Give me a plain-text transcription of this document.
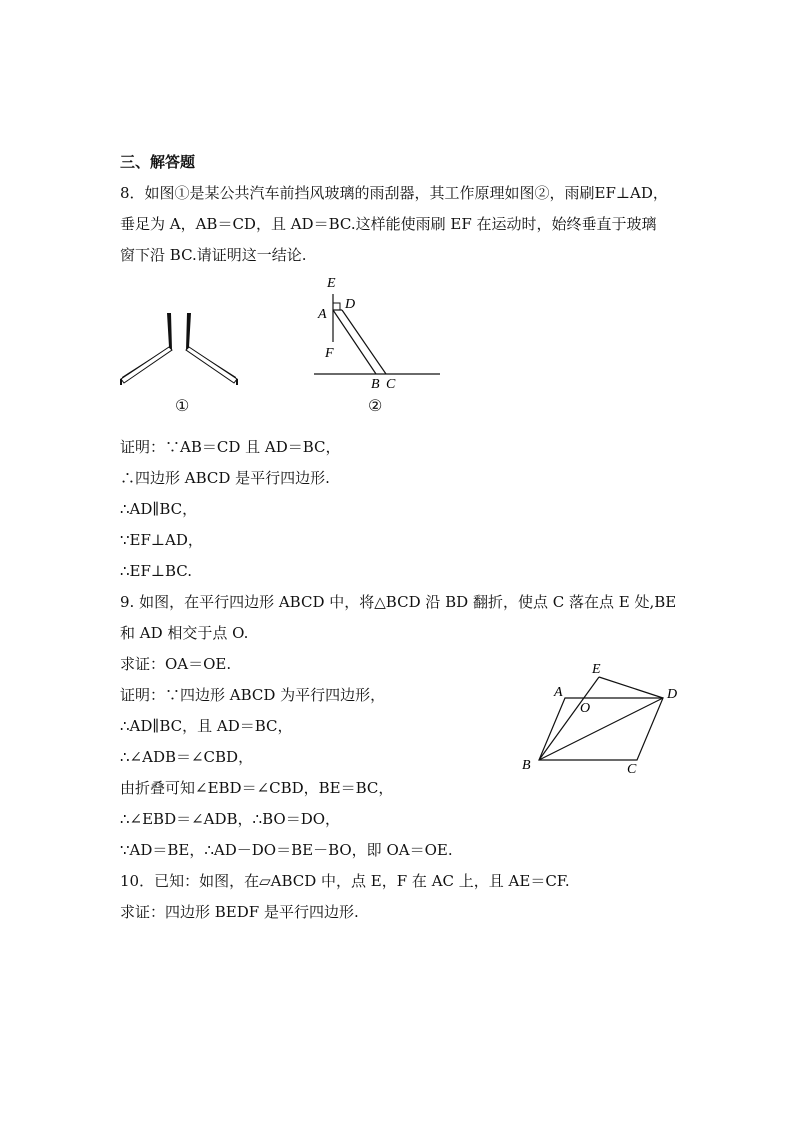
三、解答题
8．如图①是某公共汽车前挡风玻璃的雨刮器，其工作原理如图②，雨刷EF⊥AD，
垂足为 A，AB＝CD，且 AD＝BC.这样能使雨刷 EF 在运动时，始终垂直于玻璃
窗下沿 BC.请证明这一结论.
①
E
D
A
F
B C
②
证明：∵AB＝CD 且 AD＝BC，
∴四边形 ABCD 是平行四边形.
∴AD∥BC，
∵EF⊥AD，
∴EF⊥BC.
9. 如图，在平行四边形 ABCD 中，将△BCD 沿 BD 翻折，使点 C 落在点 E 处,BE
和 AD 相交于点 O.
求证：OA＝OE.	E
A	D
O
B	C
证明：∵四边形 ABCD 为平行四边形，
∴AD∥BC，且 AD＝BC，
∴∠ADB＝∠CBD，
由折叠可知∠EBD＝∠CBD，BE＝BC，
∴∠EBD＝∠ADB，∴BO＝DO，
∵AD＝BE，∴AD－DO＝BE－BO，即 OA＝OE.
10．已知：如图，在▱ABCD 中，点 E，F 在 AC 上，且 AE＝CF.
求证：四边形 BEDF 是平行四边形.
